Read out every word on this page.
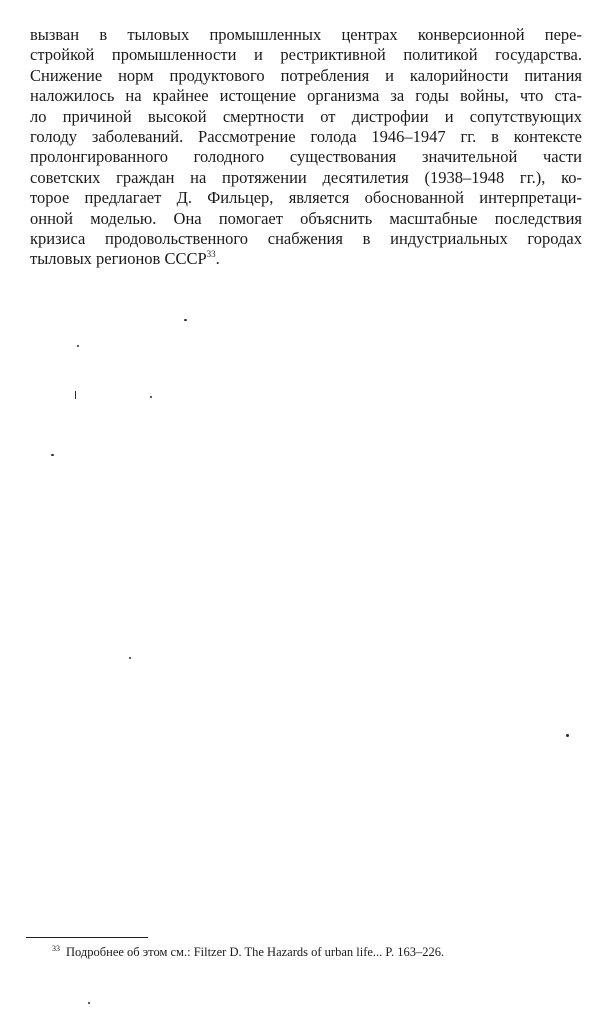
вызван в тыловых промышленных центрах конверсионной пере-
стройкой промышленности и рестриктивной политикой государства.
Снижение норм продуктового потребления и калорийности питания
наложилось на крайнее истощение организма за годы войны, что ста-
ло причиной высокой смертности от дистрофии и сопутствующих
голоду заболеваний. Рассмотрение голода 1946–1947 гг. в контексте
пролонгированного голодного существования значительной части
советских граждан на протяжении десятилетия (1938–1948 гг.), ко-
торое предлагает Д. Фильцер, является обоснованной интерпретаци-
онной моделью. Она помогает объяснить масштабные последствия
кризиса продовольственного снабжения в индустриальных городах
тыловых регионов СССР$^{33}$.
$^{33}$ Подробнее об этом см.: Filtzer D. The Hazards of urban life... P. 163–226.
